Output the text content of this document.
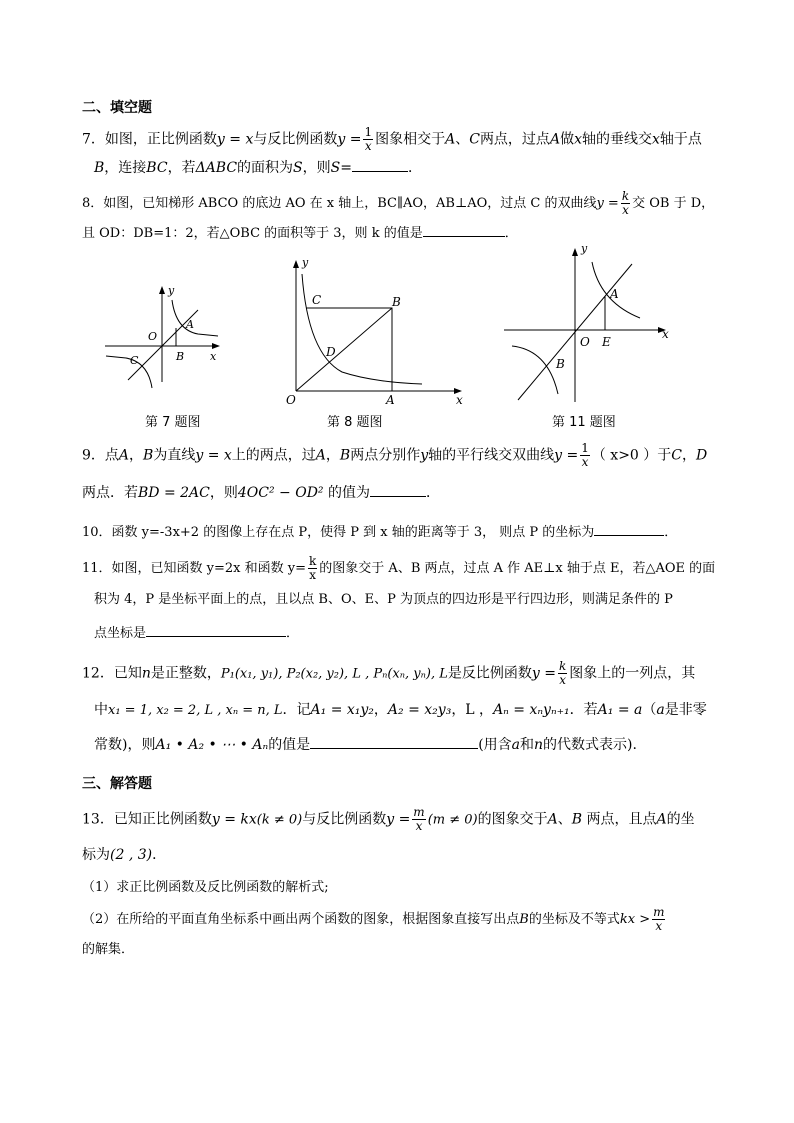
二、填空题
7．如图，正比例函数y = x与反比例函数$y = \frac{1}{x}$ 图象相交于A、C两点，过点A做x轴的垂线交x轴于点
B，连接BC，若ΔABC的面积为S，则S=	．
8．如图，已知梯形 ABCO 的底边 AO 在 x 轴上，BC∥AO，AB⊥AO，过点 C 的双曲线$y = \frac{k}{x}$ 交 OB 于 D，
且 OD：DB=1：2，若△OBC 的面积等于 3，则 k 的值是	．
y
A
O
B
C	x
第 7 题图
y
C	B
D
O	A	x
第 8 题图
y
A
x
O E
B
第 11 题图
9．点A，B为直线y = x上的两点，过A，B两点分别作y轴的平行线交双曲线$y = \frac{1}{x}$ （ x>0 ）于C，D
两点．若BD = 2AC，则4OC² − OD² 的值为	．
10．函数 y=-3x+2 的图像上存在点 P，使得 P 到 x 轴的距离等于 3， 则点 P 的坐标为	．
11．如图，已知函数 y=2x 和函数 $y= \frac{k}{x}$ 的图象交于 A、B 两点，过点 A 作 AE⊥x 轴于点 E，若△AOE 的面
积为 4，P 是坐标平面上的点，且以点 B、O、E、P 为顶点的四边形是平行四边形，则满足条件的 P
点坐标是	．
12．已知n是正整数，P₁(x₁, y₁), P₂(x₂, y₂), L , Pₙ(xₙ, yₙ), L是反比例函数$y = \frac{k}{x}$ 图象上的一列点，其
中x₁ = 1, x₂ = 2, L , xₙ = n, L．记A₁ = x₁y₂，A₂ = x₂y₃，L ，Aₙ = xₙyₙ₊₁．若A₁ = a（a是非零
常数)，则A₁ • A₂ • ⋯ • Aₙ的值是	(用含a和n的代数式表示).
三、解答题
13．已知正比例函数y = kx(k ≠ 0)与反比例函数$y = \frac{m}{x} (m \ne 0)$的图象交于A、B 两点，且点A的坐
标为(2 , 3)．
（1）求正比例函数及反比例函数的解析式;
（2）在所给的平面直角坐标系中画出两个函数的图象，根据图象直接写出点B的坐标及不等式kx > $\frac{m}{x}$
的解集．
